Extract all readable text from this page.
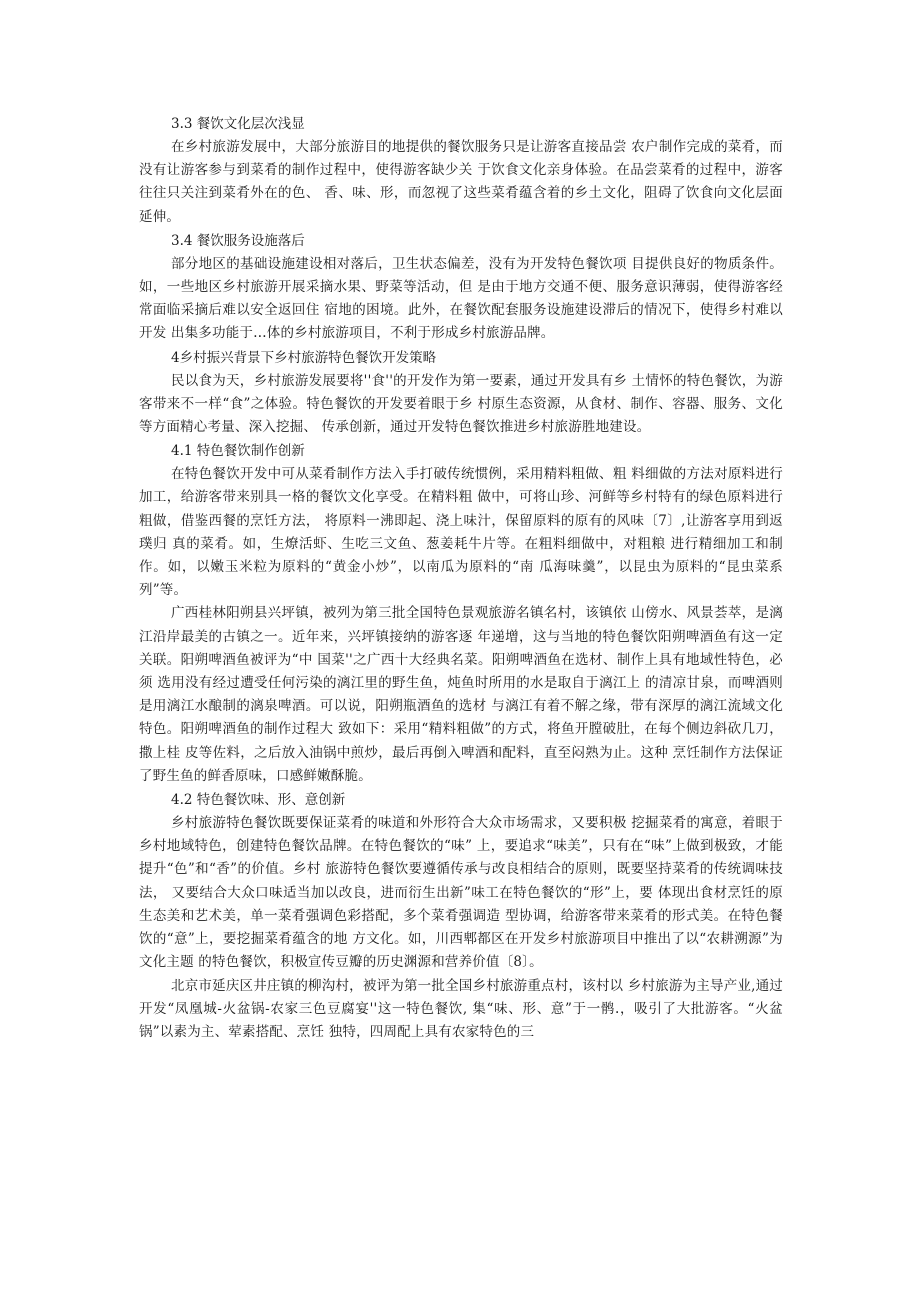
3.3 餐饮文化层次浅显

在乡村旅游发展中，大部分旅游目的地提供的餐饮服务只是让游客直接品尝 农户制作完成的菜肴，而没有让游客参与到菜肴的制作过程中，使得游客缺少关 于饮食文化亲身体验。在品尝菜肴的过程中，游客往往只关注到菜肴外在的色、 香、味、形，而忽视了这些菜肴蕴含着的乡土文化，阻碍了饮食向文化层面延伸。

3.4 餐饮服务设施落后

部分地区的基础设施建设相对落后，卫生状态偏差，没有为开发特色餐饮项 目提供良好的物质条件。如，一些地区乡村旅游开展采摘水果、野菜等活动，但 是由于地方交通不便、服务意识薄弱，使得游客经常面临采摘后难以安全返回住 宿地的困境。此外，在餐饮配套服务设施建设滞后的情况下，使得乡村难以开发 出集多功能于…体的乡村旅游项目，不利于形成乡村旅游品牌。

4乡村振兴背景下乡村旅游特色餐饮开发策略

民以食为天，乡村旅游发展要将''食''的开发作为第一要素，通过开发具有乡 土情怀的特色餐饮，为游客带来不一样“食”之体验。特色餐饮的开发要着眼于乡 村原生态资源，从食材、制作、容器、服务、文化等方面精心考量、深入挖掘、 传承创新，通过开发特色餐饮推进乡村旅游胜地建设。

4.1 特色餐饮制作创新

在特色餐饮开发中可从菜肴制作方法入手打破传统惯例，采用精料粗做、粗 料细做的方法对原料进行加工，给游客带来别具一格的餐饮文化享受。在精料粗 做中，可将山珍、河鲜等乡村特有的绿色原料进行粗做，借鉴西餐的烹饪方法， 将原料一沸即起、浇上味汁，保留原料的原有的风味〔7〕,让游客享用到返璞归 真的菜肴。如，生燎活虾、生吃三文鱼、葱姜耗牛片等。在粗料细做中，对粗粮 进行精细加工和制作。如，以嫩玉米粒为原料的“黄金小炒”，以南瓜为原料的“南 瓜海味羹”，以昆虫为原料的“昆虫菜系列”等。

广西桂林阳朔县兴坪镇，被列为第三批全国特色景观旅游名镇名村，该镇依 山傍水、风景荟萃，是漓江沿岸最美的古镇之一。近年来，兴坪镇接纳的游客逐 年递增，这与当地的特色餐饮阳朔啤酒鱼有这一定关联。阳朔啤酒鱼被评为“中 国菜''之广西十大经典名菜。阳朔啤酒鱼在选材、制作上具有地域性特色，必须 选用没有经过遭受任何污染的漓江里的野生鱼，炖鱼时所用的水是取自于漓江上 的清凉甘泉，而啤酒则是用漓江水酿制的漓泉啤酒。可以说，阳朔瓶酒鱼的选材 与漓江有着不解之缘，带有深厚的漓江流域文化特色。阳朔啤酒鱼的制作过程大 致如下：采用“精料粗做”的方式，将鱼开膛破肚，在每个侧边斜砍几刀，撒上桂 皮等佐料，之后放入油锅中煎炒，最后再倒入啤酒和配料，直至闷熟为止。这种 烹饪制作方法保证了野生鱼的鲜香原味，口感鲜嫩酥脆。

4.2 特色餐饮味、形、意创新

乡村旅游特色餐饮既要保证菜肴的味道和外形符合大众市场需求，又要积极 挖掘菜肴的寓意，着眼于乡村地域特色，创建特色餐饮品牌。在特色餐饮的“味” 上，要追求“味美”，只有在“味”上做到极致，才能提升“色”和“香”的价值。乡村 旅游特色餐饮要遵循传承与改良相结合的原则，既要坚持菜肴的传统调味技法， 又要结合大众口味适当加以改良，进而衍生出新”味工在特色餐饮的“形”上，要 体现出食材烹饪的原生态美和艺术美，单一菜肴强调色彩搭配，多个菜肴强调造 型协调，给游客带来菜肴的形式美。在特色餐饮的“意”上，要挖掘菜肴蕴含的地 方文化。如，川西郫都区在开发乡村旅游项目中推出了以“农耕溯源”为文化主题 的特色餐饮，积极宣传豆瓣的历史渊源和营养价值〔8〕。

北京市延庆区井庄镇的柳沟村，被评为第一批全国乡村旅游重点村，该村以 乡村旅游为主导产业,通过开发“凤凰城-火盆锅-农家三色豆腐宴''这一特色餐饮, 集“味、形、意”于一鹘.，吸引了大批游客。“火盆锅”以素为主、荤素搭配、烹饪 独特，四周配上具有农家特色的三
